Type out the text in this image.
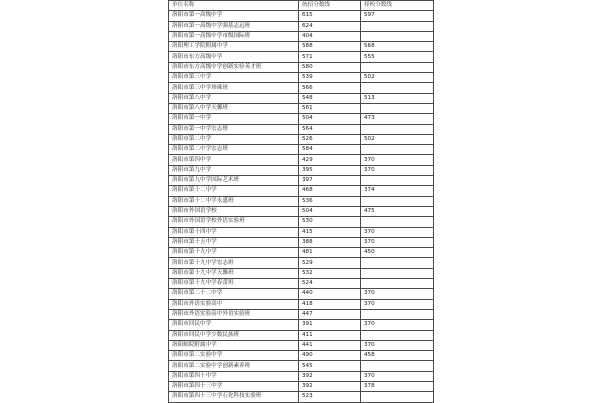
单位名称	统招分数线	择校分数线
洛阳市第一高级中学	615	597
洛阳市第一高级中学强基志远班	624	
洛阳市第一高级中学市级国际班	404	
洛阳理工学院附属中学	588	568
洛阳市东方高级中学	571	555
洛阳市东方高级中学创新实验英才班	580	
洛阳市第三中学	539	502
洛阳市第三中学珍珠班	566	
洛阳市第八中学	548	513
洛阳市第八中学天馨班	561	
洛阳市第一中学	504	473
洛阳市第一中学宏志班	564	
洛阳市第二中学	526	502
洛阳市第二中学宏志班	584	
洛阳市第四中学	429	370
洛阳市第九中学	395	370
洛阳市第九中学国际艺术班	397	
洛阳市第十二中学	468	374
洛阳市第十二中学永盛班	536	
洛阳市外国语学校	504	475
洛阳市外国语学校外语实验班	530	
洛阳市第十四中学	415	370
洛阳市第十五中学	388	370
洛阳市第十九中学	481	450
洛阳市第十九中学宏志班	529	
洛阳市第十九中学天馨班	532	
洛阳市第十九中学春蕾班	524	
洛阳市第二十二中学	440	370
洛阳市外语实验高中	418	370
洛阳市外语实验高中外语实验班	447	
洛阳市回民中学	391	370
洛阳市回民中学少数民族班	411	
洛阳师院附属中学	441	370
洛阳市第二实验中学	490	458
洛阳市第二实验中学创新素养班	545	
洛阳市第四十中学	392	370
洛阳市第四十三中学	392	378
洛阳市第四十三中学石化科技实验班	523	
